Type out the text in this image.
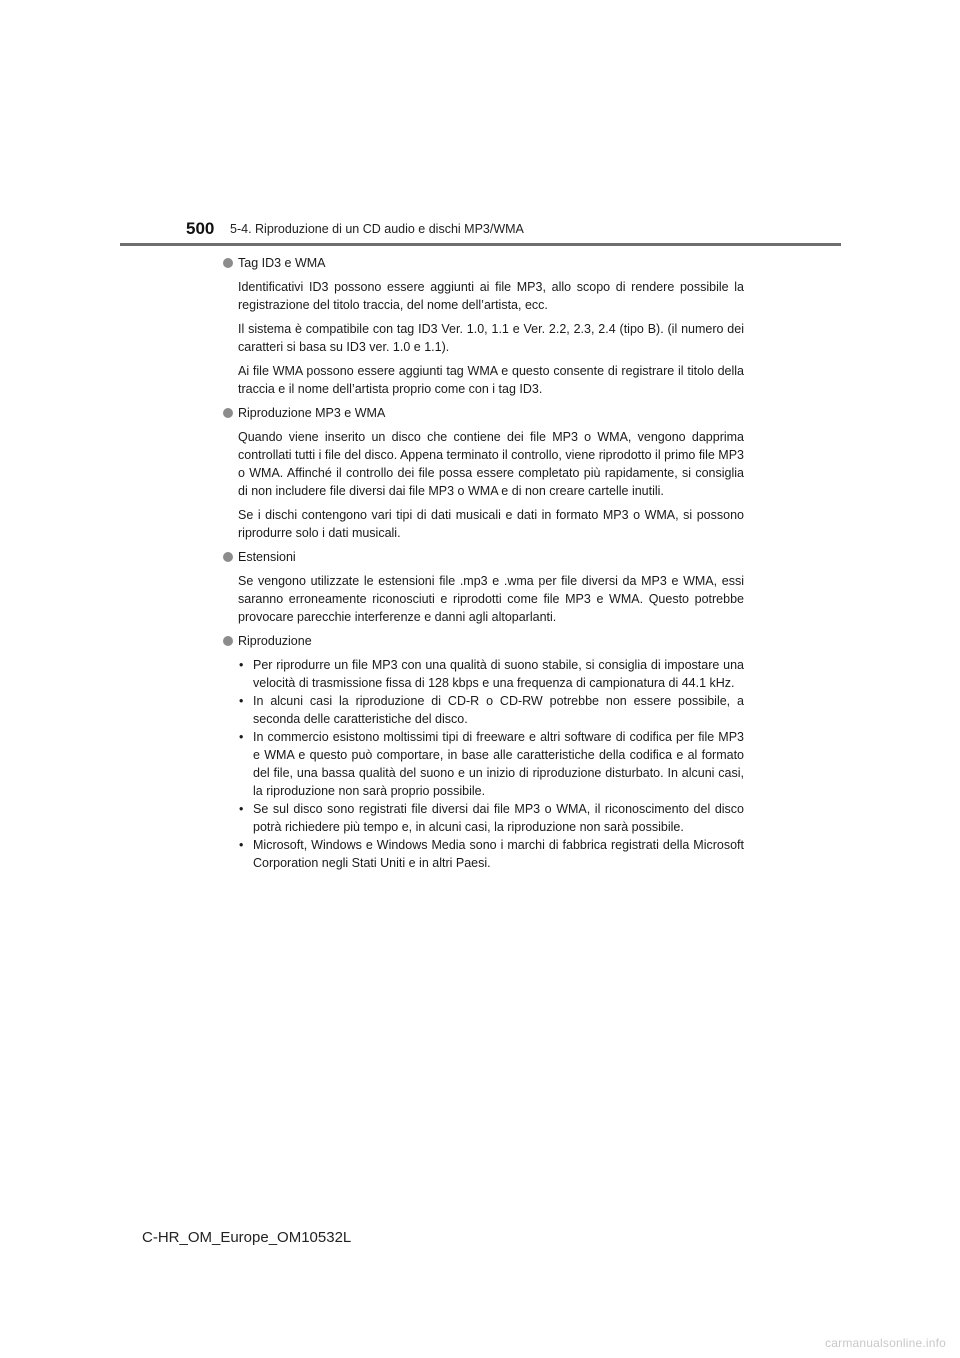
500 5-4. Riproduzione di un CD audio e dischi MP3/WMA
Tag ID3 e WMA

Identificativi ID3 possono essere aggiunti ai file MP3, allo scopo di rendere possibile la registrazione del titolo traccia, del nome dell’artista, ecc.

Il sistema è compatibile con tag ID3 Ver. 1.0, 1.1 e Ver. 2.2, 2.3, 2.4 (tipo B). (il numero dei caratteri si basa su ID3 ver. 1.0 e 1.1).

Ai file WMA possono essere aggiunti tag WMA e questo consente di registrare il titolo della traccia e il nome dell’artista proprio come con i tag ID3.

Riproduzione MP3 e WMA

Quando viene inserito un disco che contiene dei file MP3 o WMA, vengono dapprima controllati tutti i file del disco. Appena terminato il controllo, viene riprodotto il primo file MP3 o WMA. Affinché il controllo dei file possa essere completato più rapidamente, si consiglia di non includere file diversi dai file MP3 o WMA e di non creare cartelle inutili.

Se i dischi contengono vari tipi di dati musicali e dati in formato MP3 o WMA, si possono riprodurre solo i dati musicali.

Estensioni

Se vengono utilizzate le estensioni file .mp3 e .wma per file diversi da MP3 e WMA, essi saranno erroneamente riconosciuti e riprodotti come file MP3 e WMA. Questo potrebbe provocare parecchie interferenze e danni agli altoparlanti.

Riproduzione
• Per riprodurre un file MP3 con una qualità di suono stabile, si consiglia di impostare una velocità di trasmissione fissa di 128 kbps e una frequenza di campionatura di 44.1 kHz.
• In alcuni casi la riproduzione di CD-R o CD-RW potrebbe non essere possibile, a seconda delle caratteristiche del disco.
• In commercio esistono moltissimi tipi di freeware e altri software di codifica per file MP3 e WMA e questo può comportare, in base alle caratteristiche della codifica e al formato del file, una bassa qualità del suono e un inizio di riproduzione disturbato. In alcuni casi, la riproduzione non sarà proprio possibile.
• Se sul disco sono registrati file diversi dai file MP3 o WMA, il riconoscimento del disco potrà richiedere più tempo e, in alcuni casi, la riproduzione non sarà possibile.
• Microsoft, Windows e Windows Media sono i marchi di fabbrica registrati della Microsoft Corporation negli Stati Uniti e in altri Paesi.
C-HR_OM_Europe_OM10532L
carmanualsonline.info
